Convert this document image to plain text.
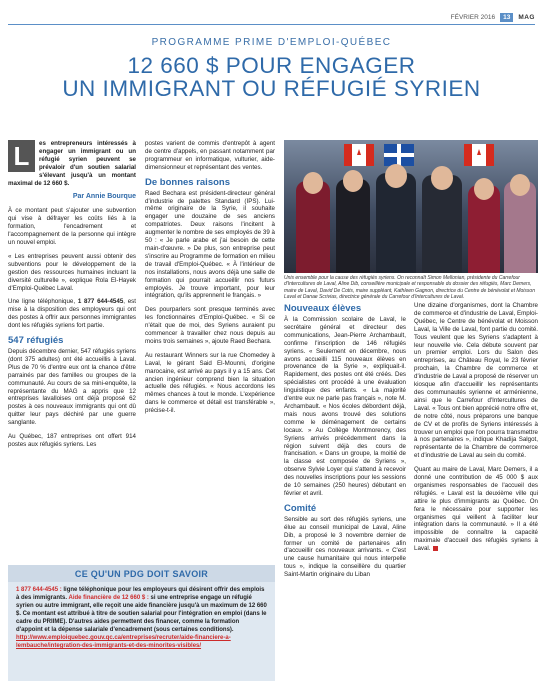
FÉVRIER 2016	13	MAG
PROGRAMME PRIME D'EMPLOI-QUÉBEC
12 660 $ POUR ENGAGER
UN IMMIGRANT OU RÉFUGIÉ SYRIEN
L	es entrepreneurs intéressés à engager un immigrant ou un réfugié syrien peuvent se prévaloir d'un soutien salarial s'élevant jusqu'à un montant maximal de 12 660 $.

Par Annie Bourque

À ce montant peut s'ajouter une subvention qui vise à défrayer les coûts liés à la formation, l'encadrement et l'accompagnement de la personne qui intègre un nouvel emploi.

« Les entreprises peuvent aussi obtenir des subventions pour le développement de la gestion des ressources humaines incluant la diversité culturelle », explique Rola El-Hayek d'Emploi-Québec Laval.

Une ligne téléphonique, 1 877 644-4545, est mise à la disposition des employeurs qui ont des postes à offrir aux personnes immigrantes dont les réfugiés syriens fort partie.

547 réfugiés

Depuis décembre dernier, 547 réfugiés syriens (dont 375 adultes) ont été accueillis à Laval. Plus de 70 % d'entre eux ont la chance d'être parrainés par des familles ou groupes de la communauté. Au cours de sa mini-enquête, la représentante du MAG a appris que 12 entreprises lavalloises ont déjà proposé 62 postes à ces nouveaux immigrants qui ont dû quitter leur pays déchiré par une guerre sanglante.

Au Québec, 187 entreprises ont offert 914 postes aux réfugiés syriens. Les

postes varient de commis d'entrepôt à agent de centre d'appels, en passant notamment par programmeur en informatique, vulturier, aide-dimensionneur et représentant des ventes.

De bonnes raisons

Raed Bechara est président-directeur général d'industrie de palettes Standard (IPS). Lui-même originaire de la Syrie, il souhaite engager une douzaine de ses anciens compatriotes. Deux raisons l'incitent à augmenter le nombre de ses employés de 39 à 50 : « Je parle arabe et j'ai besoin de cette main-d'œuvre. » De plus, son entreprise peut s'inscrire au Programme de formation en milieu de travail d'Emploi-Québec. « À l'intérieur de nos installations, nous avons déjà une salle de formation qui pourrait accueillir nos futurs employés. Je trouve important, pour leur intégration, qu'ils apprennent le français. »

Des pourparlers sont presque terminés avec les fonctionnaires d'Emploi-Québec. « Si ce n'était que de moi, des Syriens auraient pu commencer à travailler chez nous depuis au moins trois semaines », ajoute Raed Bechara.

Au restaurant Winners sur la rue Chomedey à Laval, le gérant Said El-Mounni, d'origine marocaine, est arrivé au pays il y a 15 ans. Cet ancien ingénieur comprend bien la situation actuelle des réfugiés. « Nous accordons les mêmes chances à tout le monde. L'expérience dans le commerce et détail est transférable », précise-t-il.

Unis ensemble pour la cause des réfugiés syriens. On reconnaît Simon Mellonian, présidente du Carrefour d'Intercultures de Laval, Aline Dib, conseillère municipale et responsable du dossier des réfugiés, Marc Demers, maire de Laval, David De Cotis, maire suppléant, Kathleen Gagnon, directrice du Centre de bénévolat et Moisson Laval et Danae Scrivias, directrice générale du Carrefour d'Intercultures de Laval.
Nouveaux élèves

À la Commission scolaire de Laval, le secrétaire général et directeur des communications, Jean-Pierre Archambault, confirme l'inscription de 146 réfugiés syriens. « Seulement en décembre, nous avons accueilli 115 nouveaux élèves en provenance de la Syrie », expliquait-il. Rapidement, des postes ont été créés. Des spécialistes ont procédé à une évaluation linguistique des enfants. « La majorité d'entre eux ne parle pas français », note M. Archambault. « Nos écoles débordent déjà, mais nous avons trouvé des solutions comme le déménagement de certains locaux. » Au Collège Montmorency, des Syriens arrivés précédemment dans la région suivent déjà des cours de francisation. « Dans un groupe, la moitié de la classe est composée de Syriens », observe Sylvie Loyer qui s'attend à recevoir des nouvelles inscriptions pour les sessions de 10 semaines (250 heures) débutant en février et avril.

Comité

Sensible au sort des réfugiés syriens, une élue au conseil municipal de Laval, Aline Dib, a proposé le 3 novembre dernier de former un comité de partenaires afin d'accueillir ces nouveaux arrivants. « C'est une cause humanitaire qui nous interpelle tous », indique la conseillère du quartier Saint-Martin originaire du Liban

Une dizaine d'organismes, dont la Chambre de commerce et d'industrie de Laval, Emploi-Québec, le Centre de bénévolat et Moisson Laval, la Ville de Laval, font partie du comité. Tous veulent que les Syriens s'adaptent à leur nouvelle vie. Cela débute souvent par un premier emploi. Lors du Salon des entreprises, au Château Royal, le 23 février prochain, la Chambre de commerce et d'industrie de Laval a proposé de réserver un kiosque afin d'accueillir les représentants des communautés syrienne et arménienne, ainsi que le Carrefour d'Intercultures de Laval. « Tous ont bien apprécié notre offre et, de notre côté, nous préparons une banque de CV et de profils de Syriens intéressés à trouver un emploi que l'on pourra transmettre à nos partenaires », indique Khadija Salgot, représentante de la Chambre de commerce et d'industrie de Laval au sein du comité.

Quant au maire de Laval, Marc Demers, il a donné une contribution de 45 000 $ aux organismes responsables de l'accueil des réfugiés. « Laval est la deuxième ville qui attire le plus d'immigrants au Québec. On fera le nécessaire pour supporter les organismes qui veillent à faciliter leur intégration dans la communauté. » Il a été impossible de connaître la capacité maximale d'accueil des réfugiés syriens à Laval.

CE QU'UN PDG DOIT SAVOIR
1 877 644-4545 : ligne téléphonique pour les employeurs qui désirent offrir des emplois à des immigrants. Aide financière de 12 660 $ : si une entreprise engage un réfugié syrien ou autre immigrant, elle reçoit une aide financière jusqu'à un maximum de 12 660 $. Ce montant est attribué à titre de soutien salarial pour l'intégration en emploi (dans le cadre du PRIIME). D'autres aides permettent des financer, comme la formation d'appoint et la dépense salariale d'encadrement (sous certaines conditions).
http://www.emploiquebec.gouv.qc.ca/entreprises/recruter/aide-financiere-a-lembauche/integration-des-immigrants-et-des-minorites-visibles/
